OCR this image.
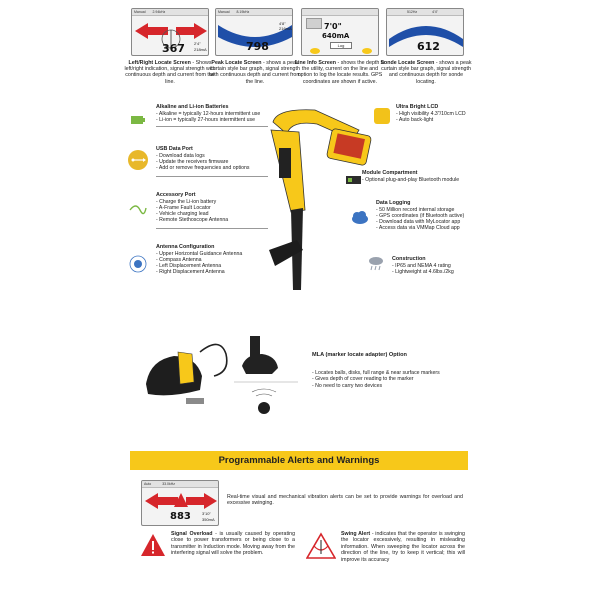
Manual 2.94kHz
367 2'4"
218mA
Manual 8.19kHz
798
4'8"
216mA	7'0"
640mA
Log
512Hz	4'4"
612
Left/Right Locate Screen - Shows left/right indication, signal strength with continuous depth and current from the line.
Peak Locate Screen - shows a peak curtain style bar graph, signal strength with continuous depth and current from the line.
Line Info Screen - shows the depth to the utility, current on the line and option to log the locate results. GPS coordinates are shown if active.
Sonde Locate Screen - shows a peak curtain style bar graph, signal strength and continuous depth for sonde locating.
Alkaline and Li-ion Batteries
- Alkaline = typically 12-hours intermittent use
- Li-ion = typically 27-hours intermittent use
USB Data Port
- Download data logs
- Update the receivers firmware
- Add or remove frequencies and options
Accessory Port
- Charge the Li-ion battery
- A-Frame Fault Locator
- Vehicle charging lead
- Remote Stethoscope Antenna
Antenna Configuration
- Upper Horizontal Guidance Antenna
- Compass Antenna
- Left Displacement Antenna
- Right Displacement Antenna
Ultra Bright LCD
- High visibility 4.3"/10cm LCD
- Auto back-light
Module Compartment
- Optional plug-and-play Bluetooth module
Data Logging
- 50 Million record internal storage
- GPS coordinates (if Bluetooth active)
- Download data with MyLocator app
- Access data via VMMap Cloud app
Construction
- IP65 and NEMA 4 rating
- Lightweight at 4.6lbs./2kg
MLA (marker locate adapter) Option
- Locates balls, disks, full range & near surface markers
- Gives depth of cover reading to the marker
- No need to carry two devices
Programmable Alerts and Warnings
Auto	33.0kHz
883	3'10"
350mA
Real-time visual and mechanical vibration alerts can be set to provide warnings for overload and excessive swinging.
Signal Overload - is usually caused by operating close to power transformers or being close to a transmitter in Induction mode. Moving away from the interfering signal will solve the problem.
Swing Alert - indicates that the operator is swinging the locator excessively, resulting in misleading information. When sweeping the locator across the direction of the line, try to keep it vertical; this will improve its accuracy
